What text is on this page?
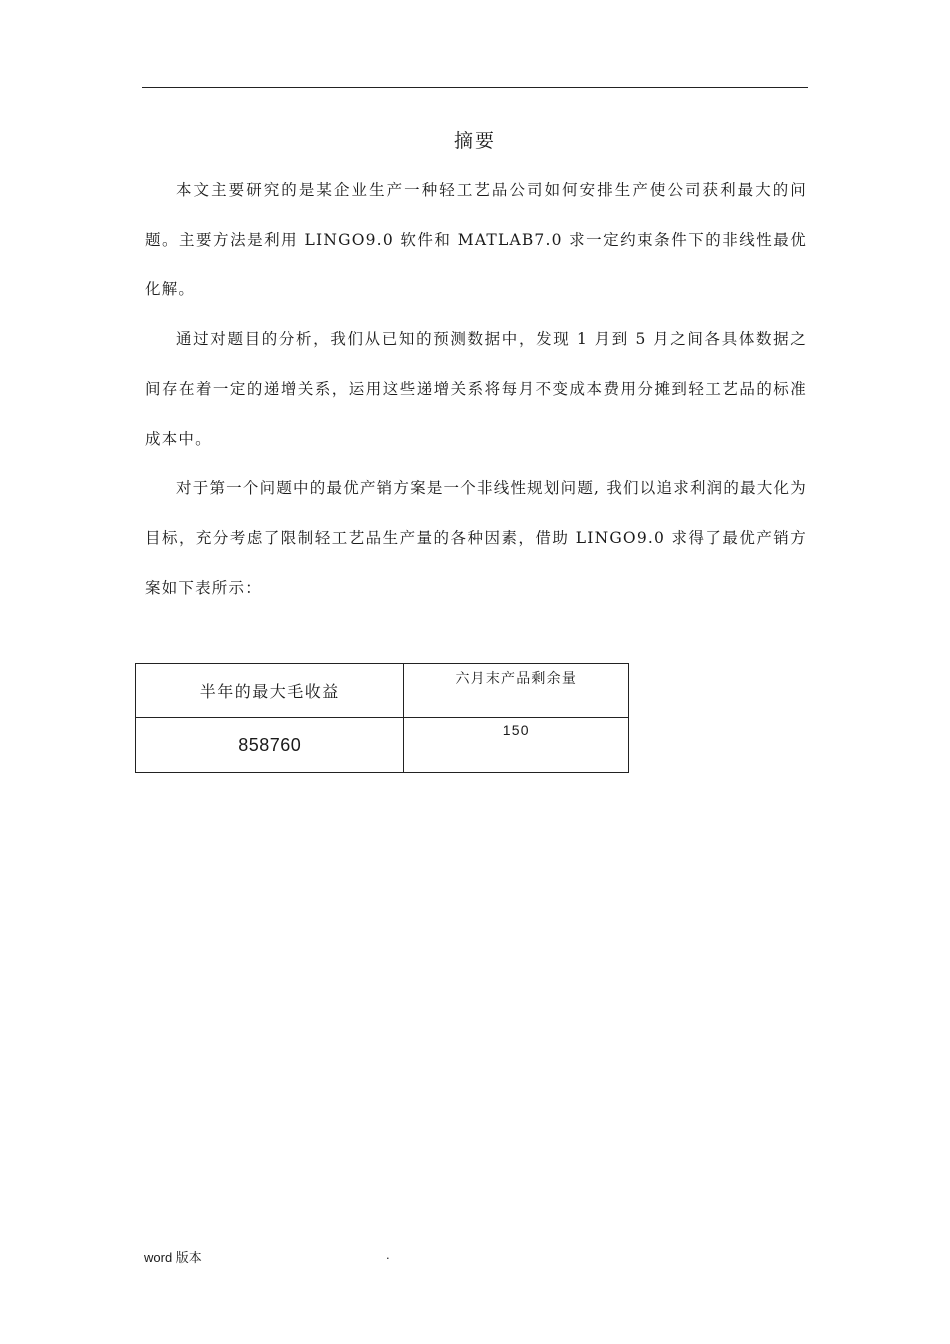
摘要

本文主要研究的是某企业生产一种轻工艺品公司如何安排生产使公司获利最大的问题。主要方法是利用 LINGO9.0 软件和 MATLAB7.0 求一定约束条件下的非线性最优化解。

通过对题目的分析，我们从已知的预测数据中，发现 1 月到 5 月之间各具体数据之间存在着一定的递增关系，运用这些递增关系将每月不变成本费用分摊到轻工艺品的标准成本中。

对于第一个问题中的最优产销方案是一个非线性规划问题, 我们以追求利润的最大化为目标，充分考虑了限制轻工艺品生产量的各种因素，借助 LINGO9.0 求得了最优产销方案如下表所示：

半年的最大毛收益	六月末产品剩余量
858760	150
word 版本	.
